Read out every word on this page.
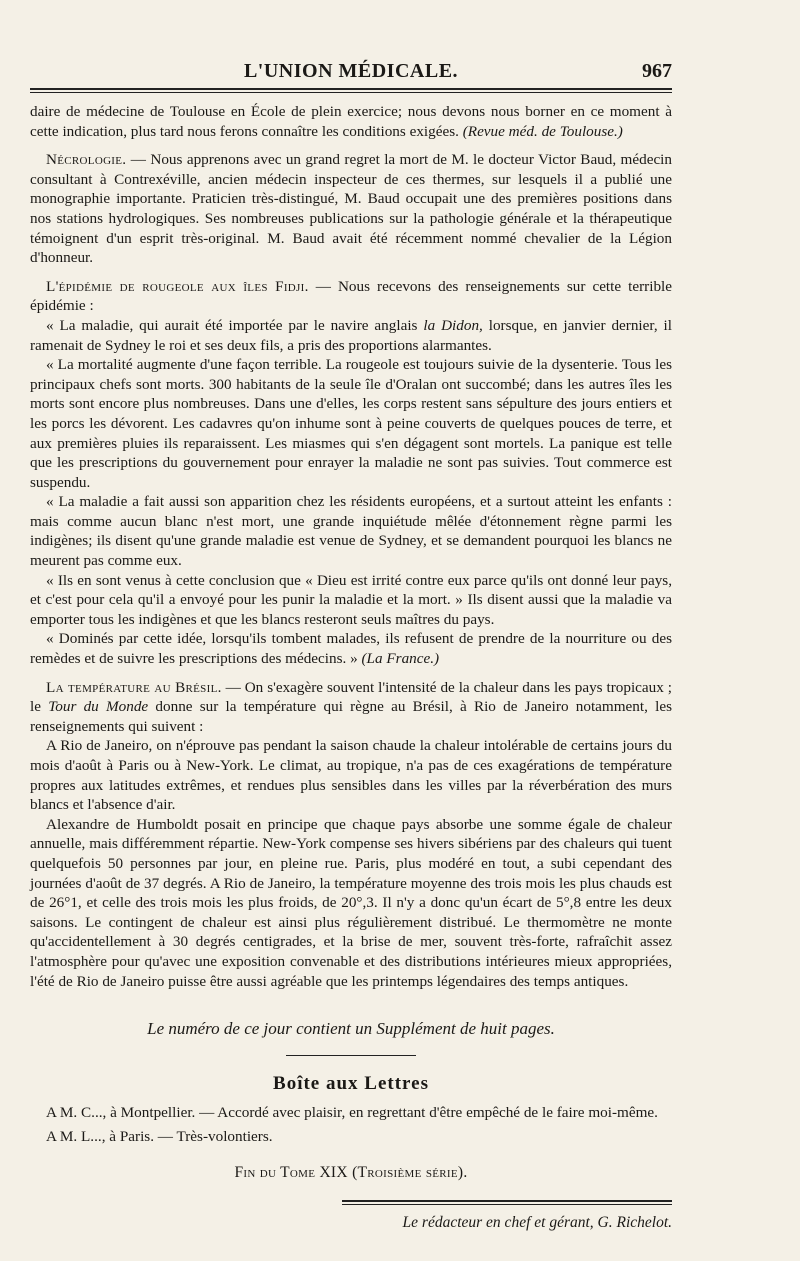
L'UNION MÉDICALE.	967

daire de médecine de Toulouse en École de plein exercice; nous devons nous borner en ce moment à cette indication, plus tard nous ferons connaître les conditions exigées. (Revue méd. de Toulouse.)

Nécrologie. — Nous apprenons avec un grand regret la mort de M. le docteur Victor Baud, médecin consultant à Contrexéville, ancien médecin inspecteur de ces thermes, sur lesquels il a publié une monographie importante. Praticien très-distingué, M. Baud occupait une des premières positions dans nos stations hydrologiques. Ses nombreuses publications sur la pathologie générale et la thérapeutique témoignent d'un esprit très-original. M. Baud avait été récemment nommé chevalier de la Légion d'honneur.

L'épidémie de rougeole aux îles Fidji. — Nous recevons des renseignements sur cette terrible épidémie :

« La maladie, qui aurait été importée par le navire anglais la Didon, lorsque, en janvier dernier, il ramenait de Sydney le roi et ses deux fils, a pris des proportions alarmantes.

« La mortalité augmente d'une façon terrible. La rougeole est toujours suivie de la dysenterie. Tous les principaux chefs sont morts. 300 habitants de la seule île d'Oralan ont succombé; dans les autres îles les morts sont encore plus nombreuses. Dans une d'elles, les corps restent sans sépulture des jours entiers et les porcs les dévorent. Les cadavres qu'on inhume sont à peine couverts de quelques pouces de terre, et aux premières pluies ils reparaissent. Les miasmes qui s'en dégagent sont mortels. La panique est telle que les prescriptions du gouvernement pour enrayer la maladie ne sont pas suivies. Tout commerce est suspendu.

« La maladie a fait aussi son apparition chez les résidents européens, et a surtout atteint les enfants : mais comme aucun blanc n'est mort, une grande inquiétude mêlée d'étonnement règne parmi les indigènes; ils disent qu'une grande maladie est venue de Sydney, et se demandent pourquoi les blancs ne meurent pas comme eux.

« Ils en sont venus à cette conclusion que « Dieu est irrité contre eux parce qu'ils ont donné leur pays, et c'est pour cela qu'il a envoyé pour les punir la maladie et la mort. » Ils disent aussi que la maladie va emporter tous les indigènes et que les blancs resteront seuls maîtres du pays.

« Dominés par cette idée, lorsqu'ils tombent malades, ils refusent de prendre de la nourriture ou des remèdes et de suivre les prescriptions des médecins. » (La France.)

La température au Brésil. — On s'exagère souvent l'intensité de la chaleur dans les pays tropicaux ; le Tour du Monde donne sur la température qui règne au Brésil, à Rio de Janeiro notamment, les renseignements qui suivent :

A Rio de Janeiro, on n'éprouve pas pendant la saison chaude la chaleur intolérable de certains jours du mois d'août à Paris ou à New-York. Le climat, au tropique, n'a pas de ces exagérations de température propres aux latitudes extrêmes, et rendues plus sensibles dans les villes par la réverbération des murs blancs et l'absence d'air.

Alexandre de Humboldt posait en principe que chaque pays absorbe une somme égale de chaleur annuelle, mais différemment répartie. New-York compense ses hivers sibériens par des chaleurs qui tuent quelquefois 50 personnes par jour, en pleine rue. Paris, plus modéré en tout, a subi cependant des journées d'août de 37 degrés. A Rio de Janeiro, la température moyenne des trois mois les plus chauds est de 26°1, et celle des trois mois les plus froids, de 20°,3. Il n'y a donc qu'un écart de 5°,8 entre les deux saisons. Le contingent de chaleur est ainsi plus régulièrement distribué. Le thermomètre ne monte qu'accidentellement à 30 degrés centigrades, et la brise de mer, souvent très-forte, rafraîchit assez l'atmosphère pour qu'avec une exposition convenable et des distributions intérieures mieux appropriées, l'été de Rio de Janeiro puisse être aussi agréable que les printemps légendaires des temps antiques.

Le numéro de ce jour contient un Supplément de huit pages.
Boîte aux Lettres

A M. C..., à Montpellier. — Accordé avec plaisir, en regrettant d'être empêché de le faire moi-même.

A M. L..., à Paris. — Très-volontiers.

Fin du Tome XIX (Troisième série).
Le rédacteur en chef et gérant, G. Richelot.
